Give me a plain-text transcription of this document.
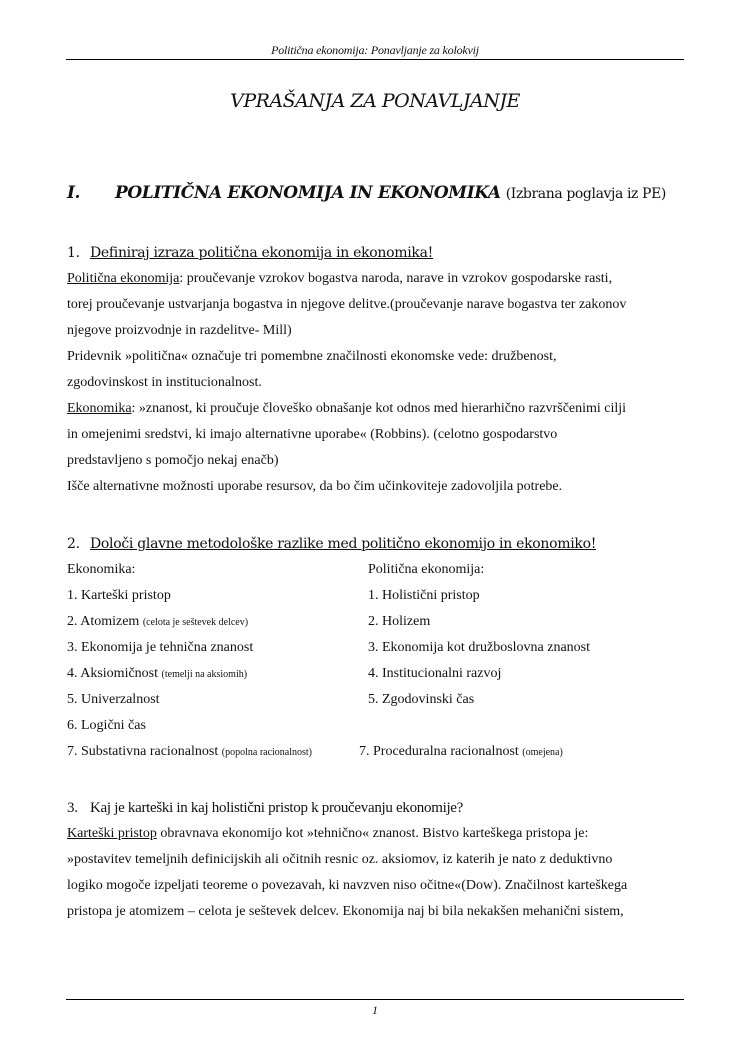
Politična ekonomija: Ponavljanje za kolokvij
VPRAŠANJA ZA PONAVLJANJE
I. POLITIČNA EKONOMIJA IN EKONOMIKA (Izbrana poglavja iz PE)
1. Definiraj izraza politična ekonomija in ekonomika!
Politična ekonomija: proučevanje vzrokov bogastva naroda, narave in vzrokov gospodarske rasti,
torej proučevanje ustvarjanja bogastva in njegove delitve.(proučevanje narave bogastva ter zakonov
njegove proizvodnje in razdelitve- Mill)
Pridevnik »politična« označuje tri pomembne značilnosti ekonomske vede: družbenost,
zgodovinskost in institucionalnost.
Ekonomika: »znanost, ki proučuje človeško obnašanje kot odnos med hierarhično razvrščenimi cilji
in omejenimi sredstvi, ki imajo alternativne uporabe« (Robbins). (celotno gospodarstvo
predstavljeno s pomočjo nekaj enačb)
Išče alternativne možnosti uporabe resursov, da bo čim učinkoviteje zadovoljila potrebe.
2. Določi glavne metodološke razlike med politično ekonomijo in ekonomiko!
Ekonomika:	Politična ekonomija:
1. Karteški pristop	1. Holistični pristop
2. Atomizem (celota je seštevek delcev)	2. Holizem
3. Ekonomija je tehnična znanost	3. Ekonomija kot družboslovna znanost
4. Aksiomičnost (temelji na aksiomih)	4. Institucionalni razvoj
5. Univerzalnost	5. Zgodovinski čas
6. Logični čas
7. Substativna racionalnost (popolna racionalnost)	7. Proceduralna racionalnost (omejena)
3. Kaj je karteški in kaj holistični pristop k proučevanju ekonomije?
Karteški pristop obravnava ekonomijo kot »tehnično« znanost. Bistvo karteškega pristopa je:
»postavitev temeljnih definicijskih ali očitnih resnic oz. aksiomov, iz katerih je nato z deduktivno
logiko mogoče izpeljati teoreme o povezavah, ki navzven niso očitne«(Dow). Značilnost karteškega
pristopa je atomizem – celota je seštevek delcev. Ekonomija naj bi bila nekakšen mehanični sistem,
1
